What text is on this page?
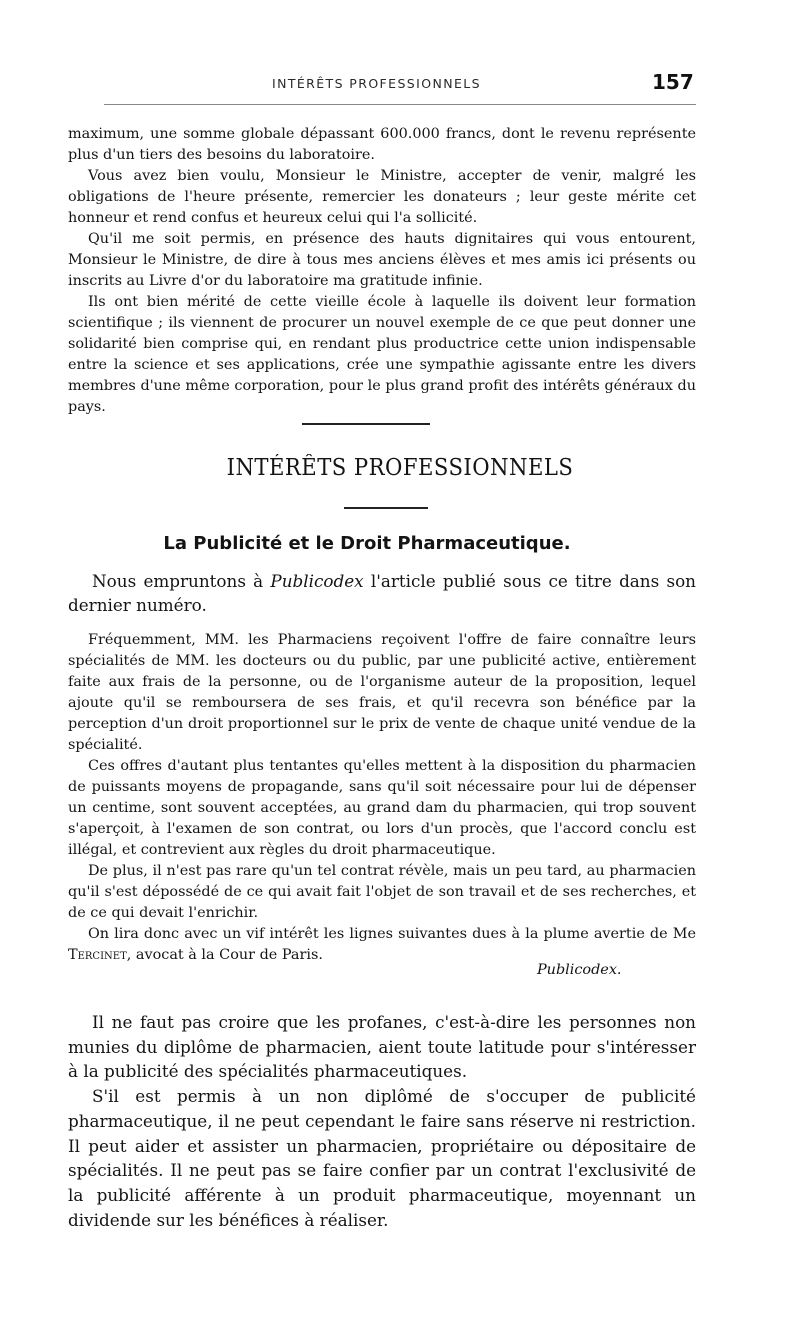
INTÉRÊTS PROFESSIONNELS	157

maximum, une somme globale dépassant 600.000 francs, dont le revenu représente plus d'un tiers des besoins du laboratoire.

Vous avez bien voulu, Monsieur le Ministre, accepter de venir, malgré les obligations de l'heure présente, remercier les donateurs ; leur geste mérite cet honneur et rend confus et heureux celui qui l'a sollicité.

Qu'il me soit permis, en présence des hauts dignitaires qui vous entourent, Monsieur le Ministre, de dire à tous mes anciens élèves et mes amis ici présents ou inscrits au Livre d'or du laboratoire ma gratitude infinie.

Ils ont bien mérité de cette vieille école à laquelle ils doivent leur formation scientifique ; ils viennent de procurer un nouvel exemple de ce que peut donner une solidarité bien comprise qui, en rendant plus productrice cette union indispensable entre la science et ses applications, crée une sympathie agissante entre les divers membres d'une même corporation, pour le plus grand profit des intérêts généraux du pays.

INTÉRÊTS PROFESSIONNELS
La Publicité et le Droit Pharmaceutique.

Nous empruntons à Publicodex l'article publié sous ce titre dans son dernier numéro.

Fréquemment, MM. les Pharmaciens reçoivent l'offre de faire connaître leurs spécialités de MM. les docteurs ou du public, par une publicité active, entièrement faite aux frais de la personne, ou de l'organisme auteur de la proposition, lequel ajoute qu'il se remboursera de ses frais, et qu'il recevra son bénéfice par la perception d'un droit proportionnel sur le prix de vente de chaque unité vendue de la spécialité.

Ces offres d'autant plus tentantes qu'elles mettent à la disposition du pharmacien de puissants moyens de propagande, sans qu'il soit nécessaire pour lui de dépenser un centime, sont souvent acceptées, au grand dam du pharmacien, qui trop souvent s'aperçoit, à l'examen de son contrat, ou lors d'un procès, que l'accord conclu est illégal, et contrevient aux règles du droit pharmaceutique.

De plus, il n'est pas rare qu'un tel contrat révèle, mais un peu tard, au pharmacien qu'il s'est dépossédé de ce qui avait fait l'objet de son travail et de ses recherches, et de ce qui devait l'enrichir.

On lira donc avec un vif intérêt les lignes suivantes dues à la plume avertie de Me Tercinet, avocat à la Cour de Paris.

Publicodex.

Il ne faut pas croire que les profanes, c'est-à-dire les personnes non munies du diplôme de pharmacien, aient toute latitude pour s'intéresser à la publicité des spécialités pharmaceutiques.

S'il est permis à un non diplômé de s'occuper de publicité pharmaceutique, il ne peut cependant le faire sans réserve ni restriction. Il peut aider et assister un pharmacien, propriétaire ou dépositaire de spécialités. Il ne peut pas se faire confier par un contrat l'exclusivité de la publicité afférente à un produit pharmaceutique, moyennant un dividende sur les bénéfices à réaliser.
